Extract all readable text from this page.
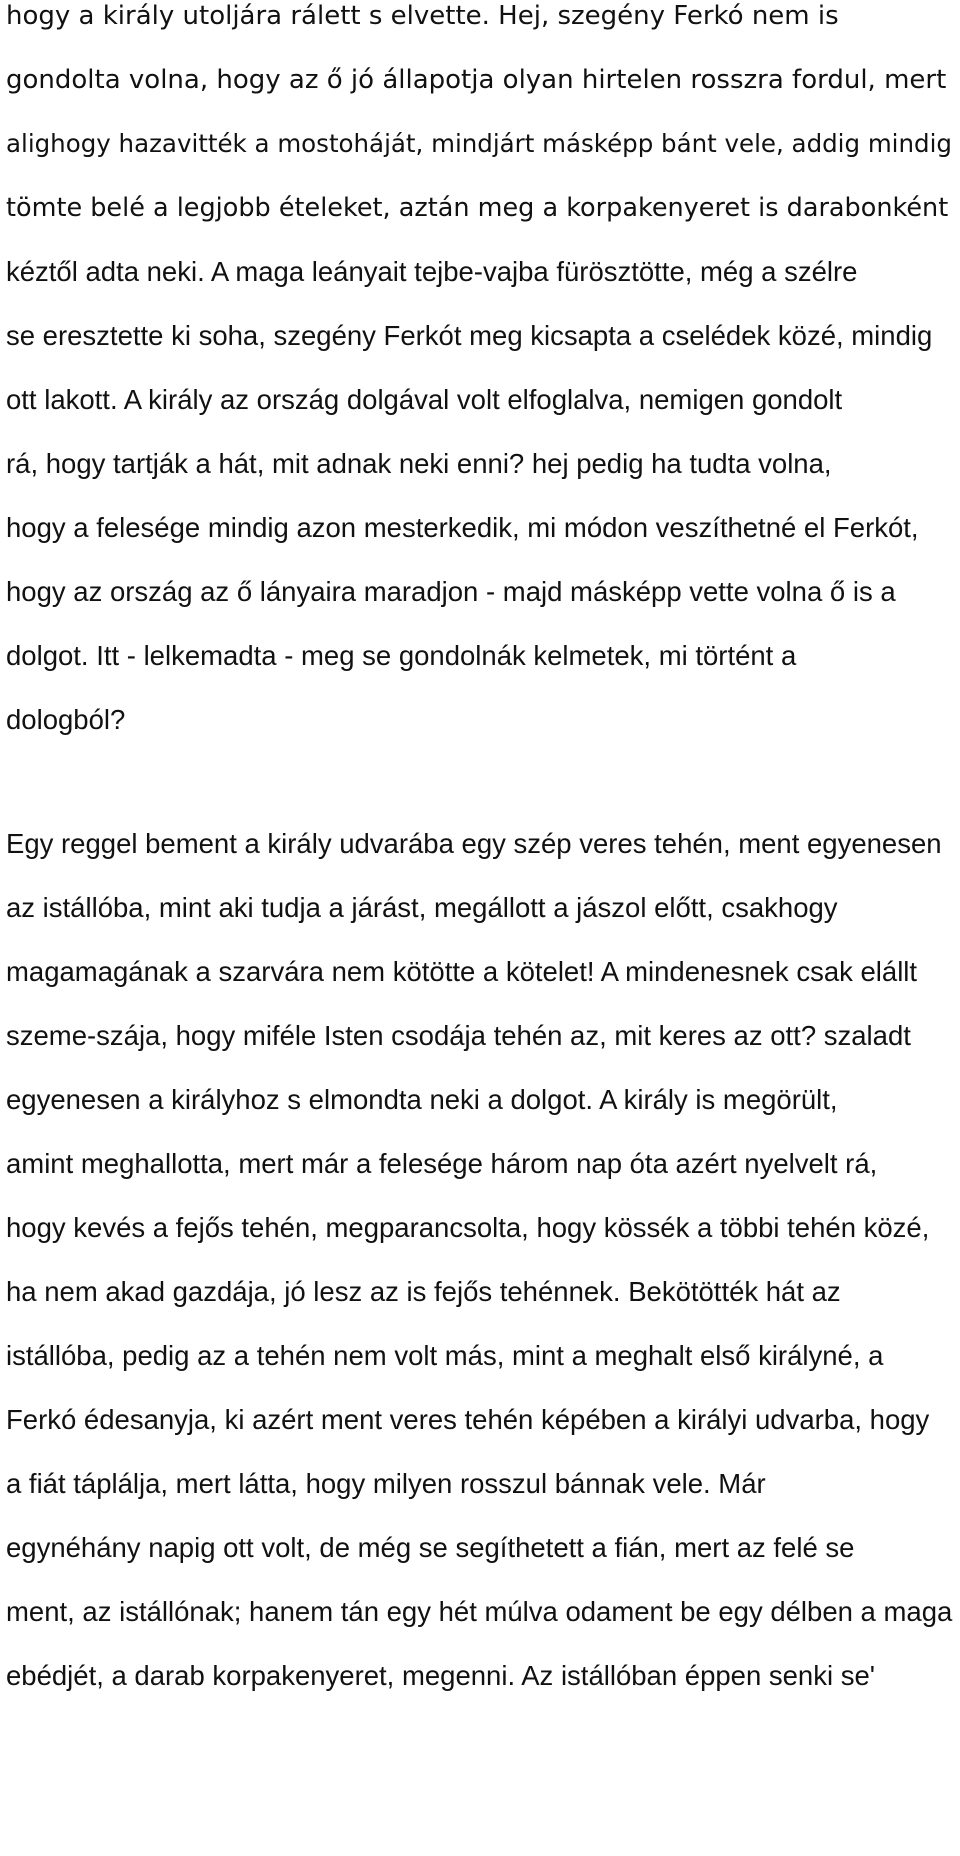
hogy a király utoljára rálett s elvette. Hej, szegény Ferkó nem is
gondolta volna, hogy az ő jó állapotja olyan hirtelen rosszra fordul, mert
alighogy hazavitték a mostoháját, mindjárt másképp bánt vele, addig mindig
tömte belé a legjobb ételeket, aztán meg a korpakenyeret is darabonként
kéztől adta neki. A maga leányait tejbe-vajba fürösztötte, még a szélre
se eresztette ki soha, szegény Ferkót meg kicsapta a cselédek közé, mindig
ott lakott. A király az ország dolgával volt elfoglalva, nemigen gondolt
rá, hogy tartják a hát, mit adnak neki enni? hej pedig ha tudta volna,
hogy a felesége mindig azon mesterkedik, mi módon veszíthetné el Ferkót,
hogy az ország az ő lányaira maradjon - majd másképp vette volna ő is a
dolgot. Itt - lelkemadta - meg se gondolnák kelmetek, mi történt a
dologból?
Egy reggel bement a király udvarába egy szép veres tehén, ment egyenesen
az istállóba, mint aki tudja a járást, megállott a jászol előtt, csakhogy
magamagának a szarvára nem kötötte a kötelet! A mindenesnek csak elállt
szeme-szája, hogy miféle Isten csodája tehén az, mit keres az ott? szaladt
egyenesen a királyhoz s elmondta neki a dolgot. A király is megörült,
amint meghallotta, mert már a felesége három nap óta azért nyelvelt rá,
hogy kevés a fejős tehén, megparancsolta, hogy kössék a többi tehén közé,
ha nem akad gazdája, jó lesz az is fejős tehénnek. Bekötötték hát az
istállóba, pedig az a tehén nem volt más, mint a meghalt első királyné, a
Ferkó édesanyja, ki azért ment veres tehén képében a királyi udvarba, hogy
a fiát táplálja, mert látta, hogy milyen rosszul bánnak vele. Már
egynéhány napig ott volt, de még se segíthetett a fián, mert az felé se
ment, az istállónak; hanem tán egy hét múlva odament be egy délben a maga
ebédjét, a darab korpakenyeret, megenni. Az istállóban éppen senki se'
